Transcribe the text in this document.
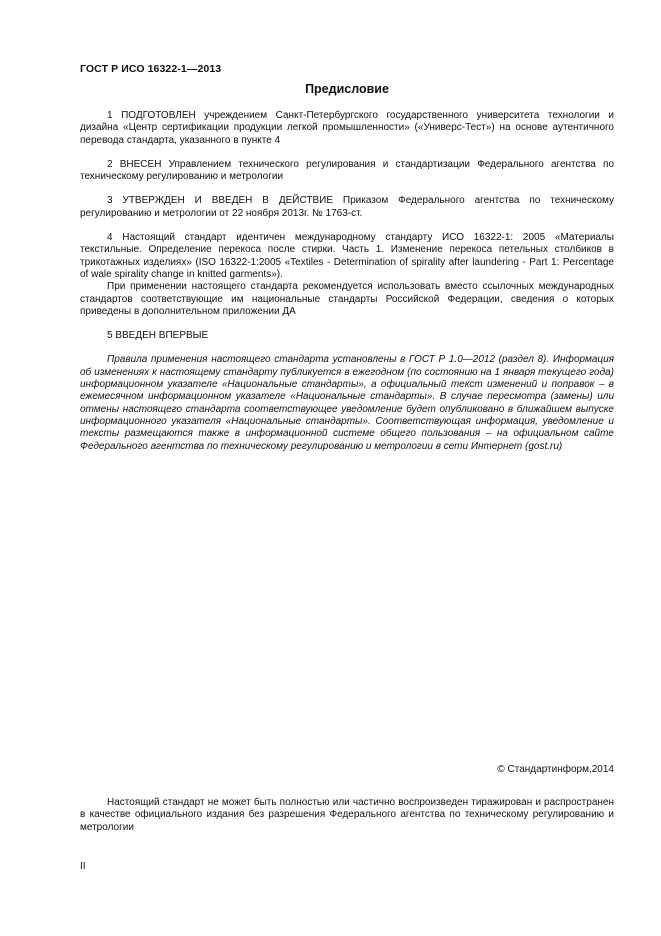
ГОСТ Р ИСО 16322-1—2013
Предисловие

1 ПОДГОТОВЛЕН учреждением Санкт-Петербургского государственного университета технологии и дизайна «Центр сертификации продукции легкой промышленности» («Универс-Тест») на основе аутентичного перевода стандарта, указанного в пункте 4

2 ВНЕСЕН Управлением технического регулирования и стандартизации Федерального агентства по техническому регулированию и метрологии

3 УТВЕРЖДЕН И ВВЕДЕН В ДЕЙСТВИЕ Приказом Федерального агентства по техническому регулированию и метрологии от 22 ноября 2013г. № 1763-ст.

4 Настоящий стандарт идентичен международному стандарту ИСО 16322-1: 2005 «Материалы текстильные. Определение перекоса после стирки. Часть 1. Изменение перекоса петельных столбиков в трикотажных изделиях» (ISO 16322-1:2005 «Textiles - Determination of spirality after laundering - Part 1: Percentage of wale spirality change in knitted garments»).

При применении настоящего стандарта рекомендуется использовать вместо ссылочных международных стандартов соответствующие им национальные стандарты Российской Федерации, сведения о которых приведены в дополнительном приложении ДА

5 ВВЕДЕН ВПЕРВЫЕ

Правила применения настоящего стандарта установлены в ГОСТ Р 1.0—2012 (раздел 8). Информация об изменениях к настоящему стандарту публикуется в ежегодном (по состоянию на 1 января текущего года) информационном указателе «Национальные стандарты», а официальный текст изменений и поправок – в ежемесячном информационном указателе «Национальные стандарты». В случае пересмотра (замены) или отмены настоящего стандарта соответствующее уведомление будет опубликовано в ближайшем выпуске информационного указателя «Национальные стандарты». Соответствующая информация, уведомление и тексты размещаются также в информационной системе общего пользования – на официальном сайте Федерального агентства по техническому регулированию и метрологии в сети Интернет (gost.ru)

© Стандартинформ,2014

Настоящий стандарт не может быть полностью или частично воспроизведен тиражирован и распространен в качестве официального издания без разрешения Федерального агентства по техническому регулированию и метрологии

II
